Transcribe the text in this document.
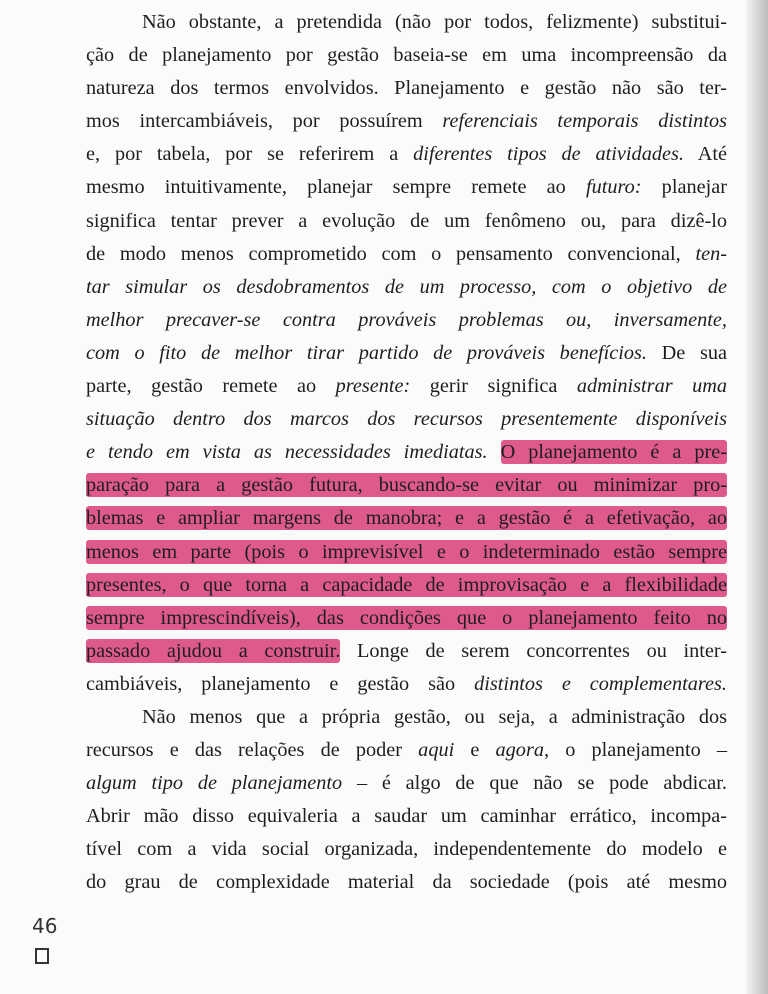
Não obstante, a pretendida (não por todos, felizmente) substitui-
ção de planejamento por gestão baseia-se em uma incompreensão da
natureza dos termos envolvidos. Planejamento e gestão não são ter-
mos intercambiáveis, por possuírem referenciais temporais distintos
e, por tabela, por se referirem a diferentes tipos de atividades. Até
mesmo intuitivamente, planejar sempre remete ao futuro: planejar
significa tentar prever a evolução de um fenômeno ou, para dizê-lo
de modo menos comprometido com o pensamento convencional, ten-
tar simular os desdobramentos de um processo, com o objetivo de
melhor precaver-se contra prováveis problemas ou, inversamente,
com o fito de melhor tirar partido de prováveis benefícios. De sua
parte, gestão remete ao presente: gerir significa administrar uma
situação dentro dos marcos dos recursos presentemente disponíveis
e tendo em vista as necessidades imediatas. O planejamento é a pre-
paração para a gestão futura, buscando-se evitar ou minimizar pro-
blemas e ampliar margens de manobra; e a gestão é a efetivação, ao
menos em parte (pois o imprevisível e o indeterminado estão sempre
presentes, o que torna a capacidade de improvisação e a flexibilidade
sempre imprescindíveis), das condições que o planejamento feito no
passado ajudou a construir. Longe de serem concorrentes ou inter-
cambiáveis, planejamento e gestão são distintos e complementares.
Não menos que a própria gestão, ou seja, a administração dos
recursos e das relações de poder aqui e agora, o planejamento –
algum tipo de planejamento – é algo de que não se pode abdicar.
Abrir mão disso equivaleria a saudar um caminhar errático, incompa-
tível com a vida social organizada, independentemente do modelo e
do grau de complexidade material da sociedade (pois até mesmo
46
